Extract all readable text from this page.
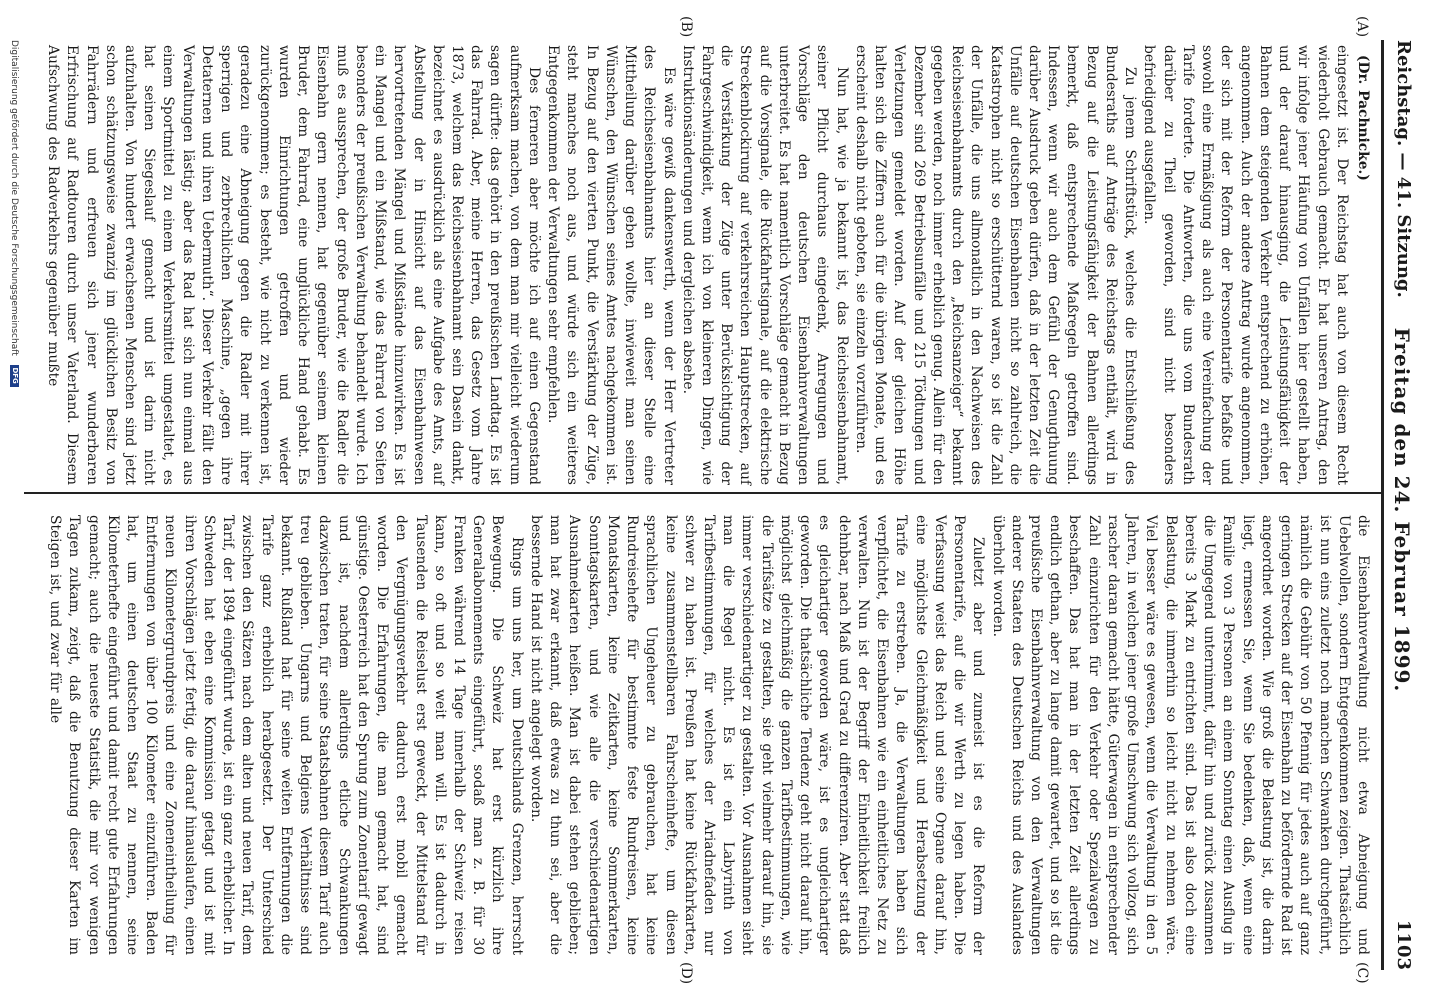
Reichstag. — 41. Sitzung.
Freitag den 24. Februar 1899.
1103
(A)
(B)
(C)
(D)
(Dr. Pachnicke.)

eingesetzt ist. Der Reichstag hat auch von diesem Recht wiederholt Gebrauch gemacht. Er hat unseren Antrag, den wir infolge jener Häufung von Unfällen hier gestellt haben, und der darauf hinausging, die Leistungsfähigkeit der Bahnen dem steigenden Verkehr entsprechend zu erhöhen, angenommen. Auch der andere Antrag wurde angenommen, der sich mit der Reform der Personentarife befaßte und sowohl eine Ermäßigung als auch eine Vereinfachung der Tarife forderte. Die Antworten, die uns vom Bundesrath darüber zu Theil geworden, sind nicht besonders befriedigend ausgefallen.

Zu jenem Schriftstück, welches die Entschließung des Bundesraths auf Anträge des Reichstags enthält, wird in Bezug auf die Leistungsfähigkeit der Bahnen allerdings bemerkt, daß entsprechende Maßregeln getroffen sind. Indessen, wenn wir auch dem Gefühl der Genugthuung darüber Ausdruck geben dürfen, daß in der letzten Zeit die Unfälle auf deutschen Eisenbahnen nicht so zahlreich, die Katastrophen nicht so erschütternd waren, so ist die Zahl der Unfälle, die uns allmonatlich in den Nachweisen des Reichseisenbahnamts durch den „Reichsanzeiger“ bekannt gegeben werden, noch immer erheblich genug. Allein für den Dezember sind 269 Betriebsunfälle und 215 Tödtungen und Verletzungen gemeldet worden. Auf der gleichen Höhe halten sich die Ziffern auch für die übrigen Monate, und es erscheint deshalb nicht geboten, sie einzeln vorzuführen.

Nun hat, wie ja bekannt ist, das Reichseisenbahnamt, seiner Pflicht durchaus eingedenk, Anregungen und Vorschläge den deutschen Eisenbahnverwaltungen unterbreitet. Es hat namentlich Vorschläge gemacht in Bezug auf die Vorsignale, die Rückfahrtsignale, auf die elektrische Streckenblockirung auf verkehrsreichen Hauptstrecken, auf die Verstärkung der Züge unter Berücksichtigung der Fahrgeschwindigkeit, wenn ich von kleineren Dingen, wie Instruktionsänderungen und dergleichen absehe.

Es wäre gewiß dankenswerth, wenn der Herr Vertreter des Reichseisenbahnamts hier an dieser Stelle eine Mittheilung darüber geben wollte, inwieweit man seinen Wünschen, den Wünschen seines Amtes nachgekommen ist. In Bezug auf den vierten Punkt, die Verstärkung der Züge, steht manches noch aus, und würde sich ein weiteres Entgegenkommen der Verwaltungen sehr empfehlen.

Des ferneren aber möchte ich auf einen Gegenstand aufmerksam machen, von dem man mir vielleicht wiederum sagen dürfte: das gehört in den preußischen Landtag. Es ist das Fahrrad. Aber, meine Herren, das Gesetz vom Jahre 1873, welchem das Reichseisenbahnamt sein Dasein dankt, bezeichnet es ausdrücklich als eine Aufgabe des Amts, auf Abstellung der in Hinsicht auf das Eisenbahnwesen hervortretenden Mängel und Mißstände hinzuwirken. Es ist ein Mangel und ein Mißstand, wie das Fahrrad von Seiten besonders der preußischen Verwaltung behandelt wurde. Ich muß es aussprechen, der große Bruder, wie die Radler die Eisenbahn gern nennen, hat gegenüber seinem kleinen Bruder, dem Fahrrad, eine unglückliche Hand gehabt. Es wurden Einrichtungen getroffen und wieder zurückgenommen; es besteht, wie nicht zu verkennen ist, geradezu eine Abneigung gegen die Radler mit ihrer sperrigen und zerbrechlichen Maschine, „gegen ihre Detaternen und ihren Uebermuth“. Dieser Verkehr fällt den Verwaltungen lästig; aber das Rad hat sich nun einmal aus einem Sportmittel zu einem Verkehrsmittel umgestaltet, es hat seinen Siegeslauf gemacht und ist darin nicht aufzuhalten. Von hundert erwachsenen Menschen sind jetzt schon schätzungsweise zwanzig im glücklichen Besitz von Fahrrädern und erfreuen sich jener wunderbaren Erfrischung auf Radtouren durch unser Vaterland. Diesem Aufschwung des Radverkehrs gegenüber mußte

die Eisenbahnverwaltung nicht etwa Abneigung und Uebelwollen, sondern Entgegenkommen zeigen. Thatsächlich ist nun eins zuletzt noch manchen Schwanken durchgeführt, nämlich die Gebühr von 50 Pfennig für jedes auch auf ganz geringen Strecken auf der Eisenbahn zu befördernde Rad ist angeordnet worden. Wie groß die Belastung ist, die darin liegt, ermessen Sie, wenn Sie bedenken, daß, wenn eine Familie von 3 Personen an einem Sonntag einen Ausflug in die Umgegend unternimmt, dafür hin und zurück zusammen bereits 3 Mark zu entrichten sind. Das ist also doch eine Belastung, die immerhin so leicht nicht zu nehmen wäre. Viel besser wäre es gewesen, wenn die Verwaltung in den 5 Jahren, in welchen jener große Umschwung sich vollzog, sich rascher daran gemacht hätte, Güterwagen in entsprechender Zahl einzurichten für den Verkehr oder Spezialwagen zu beschaffen. Das hat man in der letzten Zeit allerdings endlich gethan, aber zu lange damit gewartet, und so ist die preußische Eisenbahnverwaltung von den Verwaltungen anderer Staaten des Deutschen Reichs und des Auslandes überholt worden.

Zuletzt aber und zumeist ist es die Reform der Personentarife, auf die wir Werth zu legen haben. Die Verfassung weist das Reich und seine Organe darauf hin, eine möglichste Gleichmäßigkeit und Herabsetzung der Tarife zu erstreben. Ja, die Verwaltungen haben sich verpflichtet, die Eisenbahnen wie ein einheitliches Netz zu verwalten. Nun ist der Begriff der Einheitlichkeit freilich dehnbar, nach Maß und Grad zu differenziren. Aber statt daß es gleichartiger geworden wäre, ist es ungleichartiger geworden. Die thatsächliche Tendenz geht nicht darauf hin, möglichst gleichmäßig die ganzen Tarifbestimmungen, wie die Tarifsätze zu gestalten, sie geht vielmehr darauf hin, sie immer verschiedenartiger zu gestalten. Vor Ausnahmen sieht man die Regel nicht. Es ist ein Labyrinth von Tarifbestimmungen, für welches der Ariadnefaden nur schwer zu haben ist. Preußen hat keine Rückfahrkarten, keine zusammenstellbaren Fahrscheinhefte, um diesen sprachlichen Ungeheuer zu gebrauchen, hat keine Rundreisehefte für bestimmte feste Rundreisen, keine Monatskarten, keine Zeitkarten, keine Sommerkarten, Sonntagskarten, und wie alle die verschiedenartigen Ausnahmekarten heißen. Man ist dabei stehen geblieben; man hat zwar erkannt, daß etwas zu thun sei, aber die bessernde Hand ist nicht angelegt worden.

Rings um uns her, um Deutschlands Grenzen, herrscht Bewegung. Die Schweiz hat erst kürzlich ihre Generalabonnements eingeführt, sodaß man z. B. für 30 Franken während 14 Tage innerhalb der Schweiz reisen kann, so oft und so weit man will. Es ist dadurch in Tausenden die Reiselust erst geweckt, der Mittelstand für den Vergnügungsverkehr dadurch erst mobil gemacht worden. Die Erfahrungen, die man gemacht hat, sind günstige. Oesterreich hat den Sprung zum Zonentarif gewagt und ist, nachdem allerdings etliche Schwankungen dazwischen traten, für seine Staatsbahnen diesem Tarif auch treu geblieben. Ungarns und Belgiens Verhältnisse sind bekannt. Rußland hat für seine weiten Entfernungen die Tarife ganz erheblich herabgesetzt. Der Unterschied zwischen den Sätzen nach dem alten und neuen Tarif, dem Tarif, der 1894 eingeführt wurde, ist ein ganz erheblicher. In Schweden hat eben eine Kommission getagt und ist mit ihren Vorschlägen jetzt fertig, die darauf hinauslaufen, einen neuen Kilometergrundpreis und eine Zoneneintheilung für Entfernungen von über 100 Kilometer einzuführen. Baden hat, um einen deutschen Staat zu nennen, seine Kilometerhefte eingeführt und damit recht gute Erfahrungen gemacht; auch die neueste Statistik, die mir vor wenigen Tagen zukam, zeigt, daß die Benutzung dieser Karten im Steigen ist, und zwar für alle

Digitalisierung gefördert durch die Deutsche Forschungsgemeinschaft DFG
